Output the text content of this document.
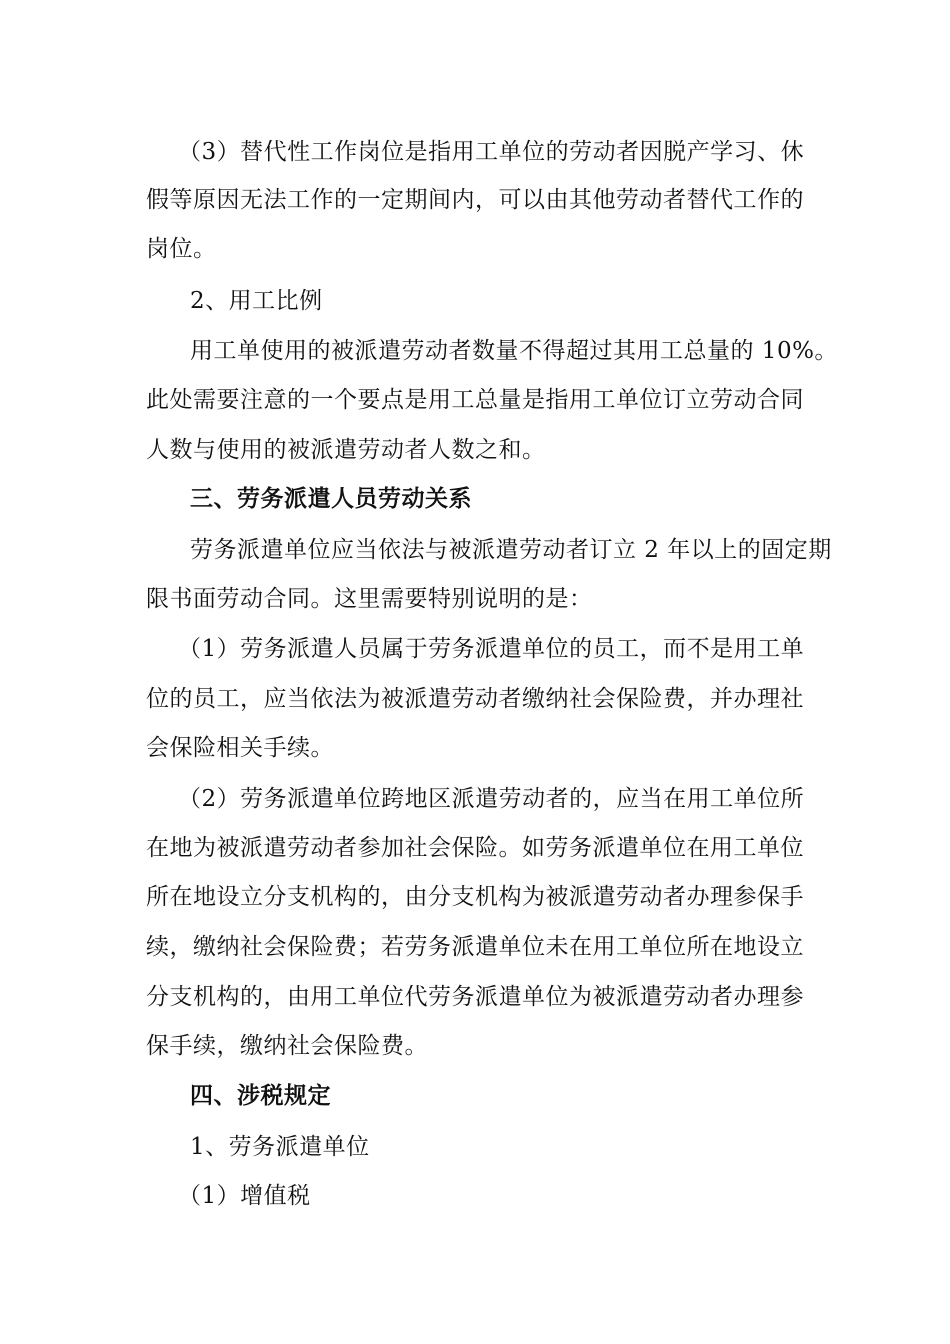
（3）替代性工作岗位是指用工单位的劳动者因脱产学习、休
假等原因无法工作的一定期间内，可以由其他劳动者替代工作的
岗位。
2、用工比例
用工单使用的被派遣劳动者数量不得超过其用工总量的 10%。
此处需要注意的一个要点是用工总量是指用工单位订立劳动合同
人数与使用的被派遣劳动者人数之和。
三、劳务派遣人员劳动关系
劳务派遣单位应当依法与被派遣劳动者订立 2 年以上的固定期
限书面劳动合同。这里需要特别说明的是：
（1）劳务派遣人员属于劳务派遣单位的员工，而不是用工单
位的员工，应当依法为被派遣劳动者缴纳社会保险费，并办理社
会保险相关手续。
（2）劳务派遣单位跨地区派遣劳动者的，应当在用工单位所
在地为被派遣劳动者参加社会保险。如劳务派遣单位在用工单位
所在地设立分支机构的，由分支机构为被派遣劳动者办理参保手
续，缴纳社会保险费；若劳务派遣单位未在用工单位所在地设立
分支机构的，由用工单位代劳务派遣单位为被派遣劳动者办理参
保手续，缴纳社会保险费。
四、涉税规定
1、劳务派遣单位
（1）增值税
